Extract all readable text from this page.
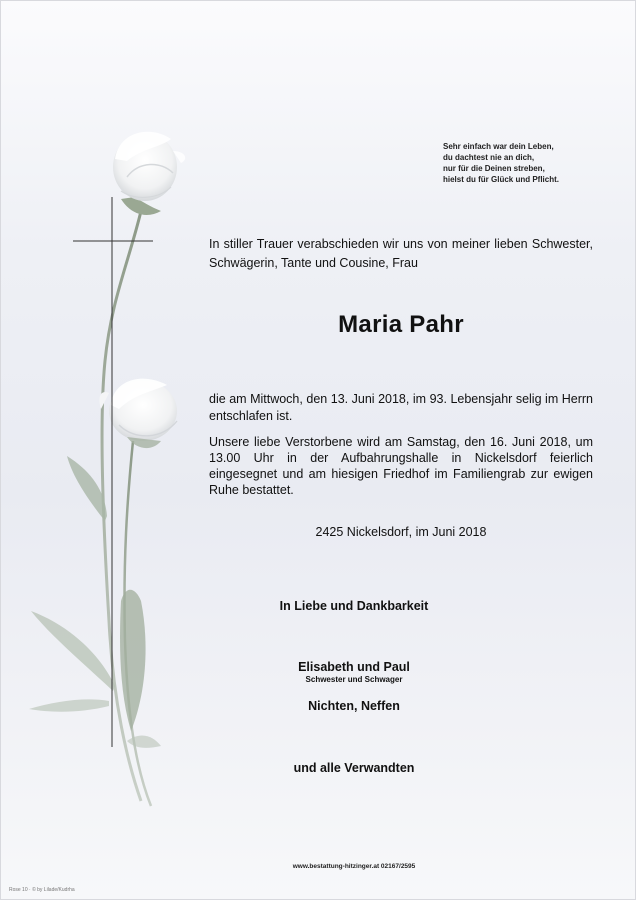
Sehr einfach war dein Leben,
du dachtest nie an dich,
nur für die Deinen streben,
hielst du für Glück und Pflicht.
In stiller Trauer verabschieden wir uns von meiner lieben Schwester, Schwägerin, Tante und Cousine, Frau
Maria Pahr
die am Mittwoch, den 13. Juni 2018, im 93. Lebensjahr selig im Herrn entschlafen ist.
Unsere liebe Verstorbene wird am Samstag, den 16. Juni 2018, um 13.00 Uhr in der Aufbahrungshalle in Nickelsdorf feierlich eingesegnet und am hiesigen Friedhof im Familiengrab zur ewigen Ruhe bestattet.
2425 Nickelsdorf, im Juni 2018
In Liebe und Dankbarkeit
Elisabeth und Paul
Schwester und Schwager
Nichten, Neffen
und alle Verwandten
www.bestattung-hitzinger.at 02167/2595
Rose 10 · © by Lilade/Kudrha
